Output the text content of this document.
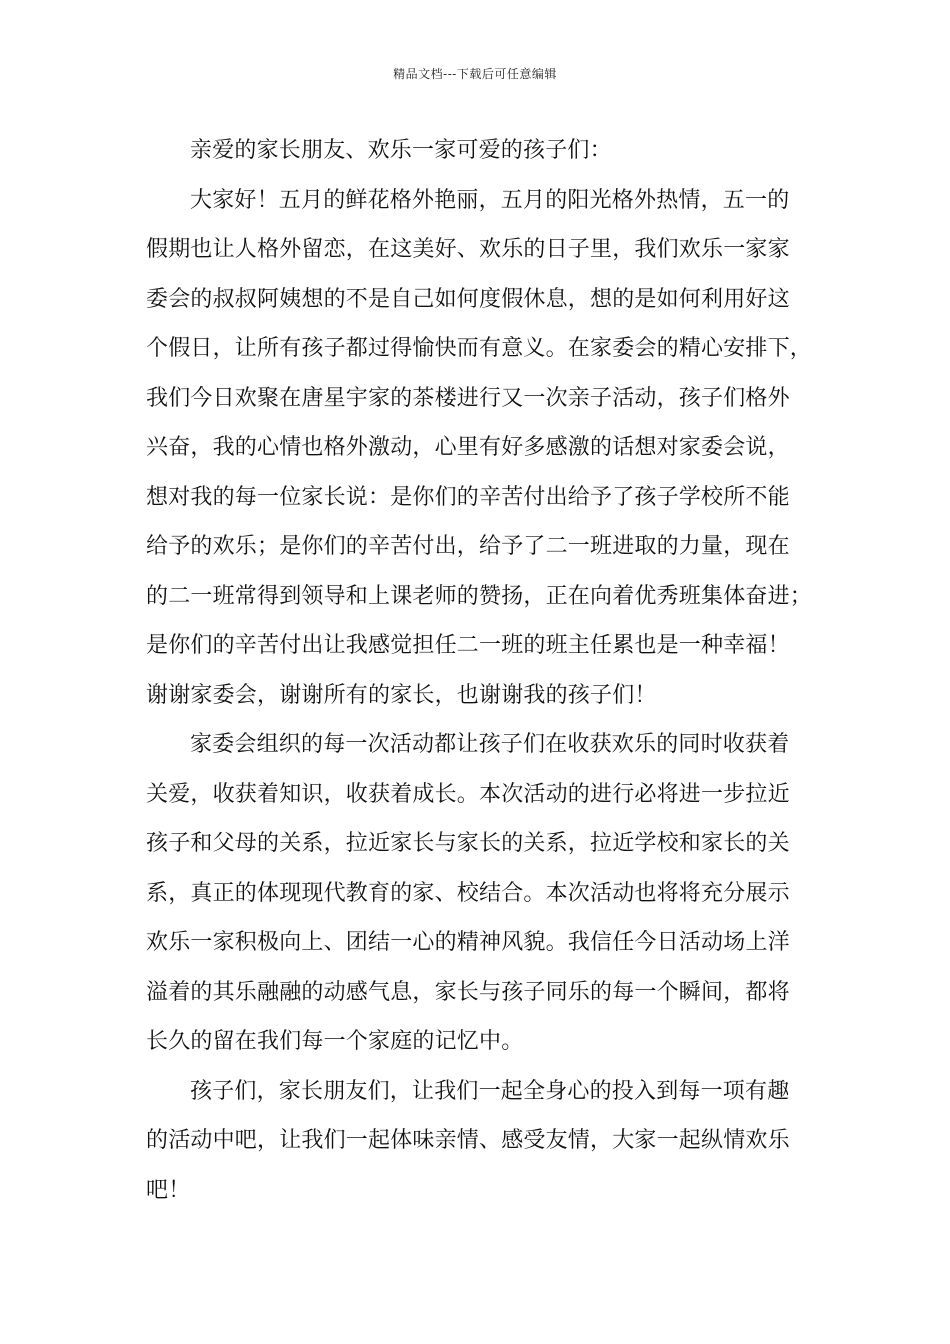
精品文档---下载后可任意编辑
亲爱的家长朋友、欢乐一家可爱的孩子们：
大家好！五月的鲜花格外艳丽，五月的阳光格外热情，五一的
假期也让人格外留恋，在这美好、欢乐的日子里，我们欢乐一家家
委会的叔叔阿姨想的不是自己如何度假休息，想的是如何利用好这
个假日，让所有孩子都过得愉快而有意义。在家委会的精心安排下，
我们今日欢聚在唐星宇家的茶楼进行又一次亲子活动，孩子们格外
兴奋，我的心情也格外激动，心里有好多感激的话想对家委会说，
想对我的每一位家长说：是你们的辛苦付出给予了孩子学校所不能
给予的欢乐；是你们的辛苦付出，给予了二一班进取的力量，现在
的二一班常得到领导和上课老师的赞扬，正在向着优秀班集体奋进；
是你们的辛苦付出让我感觉担任二一班的班主任累也是一种幸福！
谢谢家委会，谢谢所有的家长，也谢谢我的孩子们！
家委会组织的每一次活动都让孩子们在收获欢乐的同时收获着
关爱，收获着知识，收获着成长。本次活动的进行必将进一步拉近
孩子和父母的关系，拉近家长与家长的关系，拉近学校和家长的关
系，真正的体现现代教育的家、校结合。本次活动也将将充分展示
欢乐一家积极向上、团结一心的精神风貌。我信任今日活动场上洋
溢着的其乐融融的动感气息，家长与孩子同乐的每一个瞬间，都将
长久的留在我们每一个家庭的记忆中。
孩子们，家长朋友们，让我们一起全身心的投入到每一项有趣
的活动中吧，让我们一起体味亲情、感受友情，大家一起纵情欢乐
吧！
